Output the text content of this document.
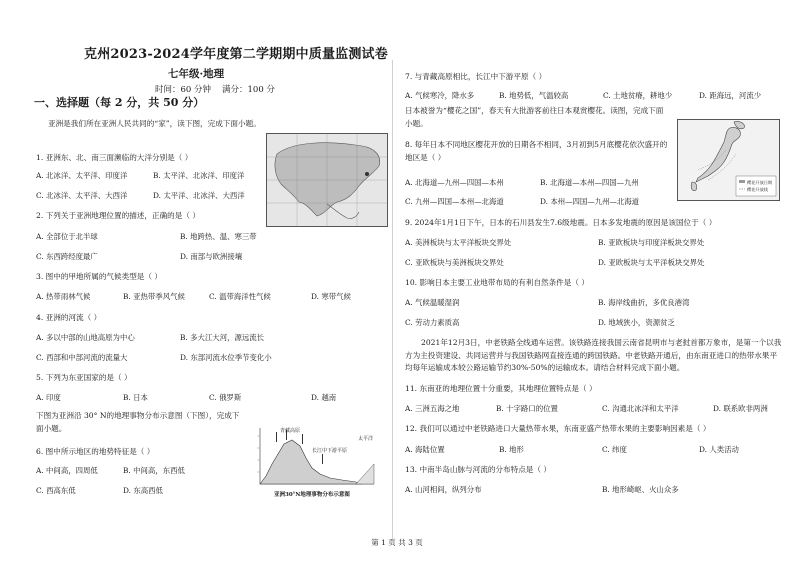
克州2023-2024学年度第二学期期中质量监测试卷
七年级·地理
时间：60 分钟 满分：100 分
一、选择题（每 2 分，共 50 分）
亚洲是我们所在亚洲人民共同的“家”，读下图，完成下面小题。
1. 亚洲东、北、南三面濒临的大洋分别是（ ）
A. 北冰洋、太平洋、印度洋	B. 太平洋、北冰洋、印度洋
C. 北冰洋、太平洋、大西洋	D. 太平洋、北冰洋、大西洋
2. 下列关于亚洲地理位置的描述，正确的是（ ）
A. 全部位于北半球	B. 地跨热、温、寒三带
C. 东西跨经度最广	D. 南部与欧洲接壤
3. 图中的甲地所属的气候类型是（ ）
A. 热带雨林气候	B. 亚热带季风气候	C. 温带海洋性气候	D. 寒带气候
4. 亚洲的河流（ ）
A. 多以中部的山地高原为中心	B. 多大江大河，源远流长
C. 西部和中部河流的流量大	D. 东部河流水位季节变化小
5. 下列为东亚国家的是（ ）
A. 印度	B. 日本	C. 俄罗斯	D. 越南
下图为亚洲沿 30° N的地理事物分布示意图（下图），完成下面小题。
6. 图中所示地区的地势特征是（ ）
A. 中间高，四周低	B. 中间高，东西低
C. 西高东低	D. 东高西低
青藏高原
长江中下游平原
太平洋
亚洲30°N地理事物分布示意图
7. 与青藏高原相比，长江中下游平原（ ）
A. 气候寒冷，降水多	B. 地势低，气温较高	C. 土地贫瘠，耕地少	D. 距海远，河流少
日本被誉为“樱花之国”，春天有大批游客前往日本观赏樱花。读图，完成下面小题。
8. 每年日本不同地区樱花开放的日期各不相同，3月初到5月底樱花依次盛开的地区是（ ）
A. 北海道—九州—四国—本州	B. 北海道—本州—四国—九州
C. 九州—四国—本州—北海道	D. 本州—四国—九州—北海道
樱花开放日期
樱花开放线
9. 2024年1月1日下午，日本的石川县发生7.6级地震。日本多发地震的原因是该国位于（ ）
A. 美洲板块与太平洋板块交界处	B. 亚欧板块与印度洋板块交界处
C. 亚欧板块与美洲板块交界处	D. 亚欧板块与太平洋板块交界处
10. 影响日本主要工业地带布局的有利自然条件是（ ）
A. 气候温暖湿润	B. 海岸线曲折，多优良港湾
C. 劳动力素质高	D. 地域狭小，资源贫乏
2021年12月3日，中老铁路全线通车运营。该铁路连接我国云南省昆明市与老挝首都万象市，是第一个以我方为主投资建设、共同运营并与我国铁路网直接连通的跨国铁路。中老铁路开通后，由东南亚进口的热带水果平均每年运输成本较公路运输节约30%-50%的运输成本。请结合材料完成下面小题。
11. 东南亚的地理位置十分重要，其地理位置特点是（ ）
A. 三洲五海之地	B. 十字路口的位置	C. 沟通北冰洋和太平洋	D. 联系欧非两洲
12. 我们可以通过中老铁路进口大量热带水果，东南亚盛产热带水果的主要影响因素是（ ）
A. 海陆位置	B. 地形	C. 纬度	D. 人类活动
13. 中南半岛山脉与河流的分布特点是（ ）
A. 山河相间，纵列分布	B. 地形崎岖、火山众多
第 1 页 共 3 页
